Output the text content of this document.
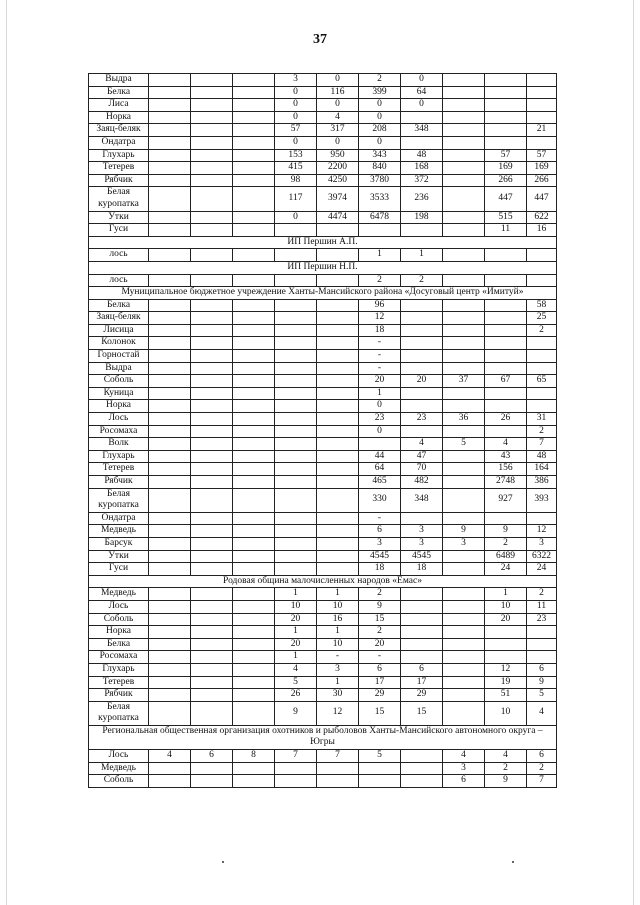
37
Выдра				3	0	2	0			
Белка				0	116	399	64			
Лиса				0	0	0	0			
Норка				0	4	0				
Заяц-беляк				57	317	208	348			21
Ондатра				0	0	0				
Глухарь				153	950	343	48		57	57
Тетерев				415	2200	840	168		169	169
Рябчик				98	4250	3780	372		266	266
Белая куропатка				117	3974	3533	236		447	447
Утки				0	4474	6478	198		515	622
Гуси									11	16
ИП Першин А.П.										
лось						1	1			
ИП Першин Н.П.										
лось						2	2			
Муниципальное бюджетное учреждение Ханты-Мансийского района «Досуговый центр «Имитуй»										
Белка						96				58
Заяц-беляк						12				25
Лисица						18				2
Колонок						-				
Горностай						-				
Выдра						-				
Соболь						20	20	37	67	65
Куница						1				
Норка						0				
Лось						23	23	36	26	31
Росомаха						0				2
Волк							4	5	4	7
Глухарь						44	47		43	48
Тетерев						64	70		156	164
Рябчик						465	482		2748	386
Белая куропатка						330	348		927	393
Ондатра						-				
Медведь						6	3	9	9	12
Барсук						3	3	3	2	3
Утки						4545	4545		6489	6322
Гуси						18	18		24	24
Родовая община малочисленных народов «Ёмас»										
Медведь				1	1	2			1	2
Лось				10	10	9			10	11
Соболь				20	16	15			20	23
Норка				1	1	2				
Белка				20	10	20				
Росомаха				1	-	-				
Глухарь				4	3	6	6		12	6
Тетерев				5	1	17	17		19	9
Рябчик				26	30	29	29		51	5
Белая куропатка				9	12	15	15		10	4
Региональная общественная организация охотников и рыболовов Ханты-Мансийского автономного округа – Югры										
Лось	4	6	8	7	7	5		4	4	6
Медведь								3	2	2
Соболь								6	9	7
